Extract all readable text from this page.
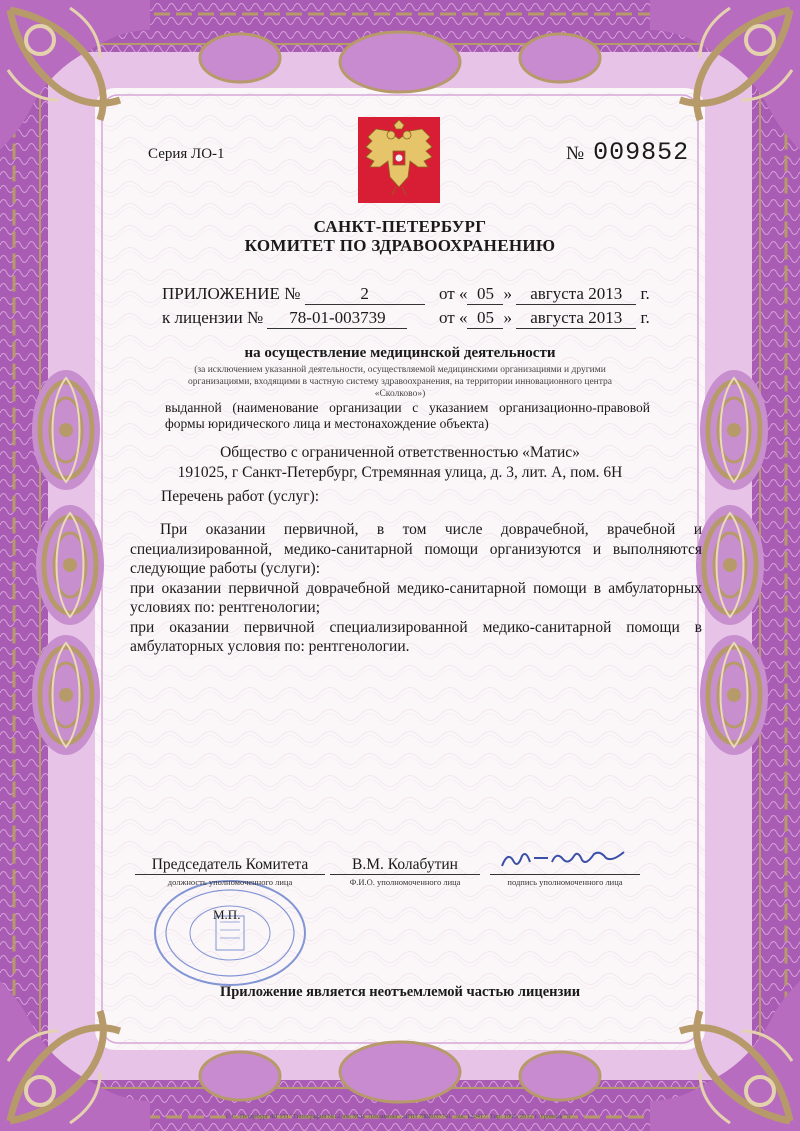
Серия ЛО-1	№ 009852
САНКТ-ПЕТЕРБУРГ
КОМИТЕТ ПО ЗДРАВООХРАНЕНИЮ
ПРИЛОЖЕНИЕ №	2	от « 05 » августа 2013 г.
к лицензии № 78-01-003739	от « 05 » августа 2013 г.
на осуществление медицинской деятельности
(за исключением указанной деятельности, осуществляемой медицинскими организациями и другими организациями, входящими в частную систему здравоохранения, на территории инновационного центра «Сколково»)
выданной (наименование организации с указанием организационно-правовой формы юридического лица и местонахождение объекта)
Общество с ограниченной ответственностью «Матис»
191025, г Санкт-Петербург, Стремянная улица, д. 3, лит. А, пом. 6Н
Перечень работ (услуг):

При оказании первичной, в том числе доврачебной, врачебной и специализированной, медико-санитарной помощи организуются и выполняются следующие работы (услуги):

при оказании первичной доврачебной медико-санитарной помощи в амбулаторных условиях по: рентгенологии;

при оказании первичной специализированной медико-санитарной помощи в амбулаторных условия по: рентгенологии.

Председатель Комитета	В.М. Колабутин
должность уполномоченного лица	Ф.И.О. уполномоченного лица	подпись уполномоченного лица
М.П.
Приложение является неотъемлемой частью лицензии
© С.-Петербург ФГУП "Типография №12 им. М.И. Лоханкова". ИНН 7808037741. Зак. 120417. Тир. 1000. 2012 г. Уровень "Б".
